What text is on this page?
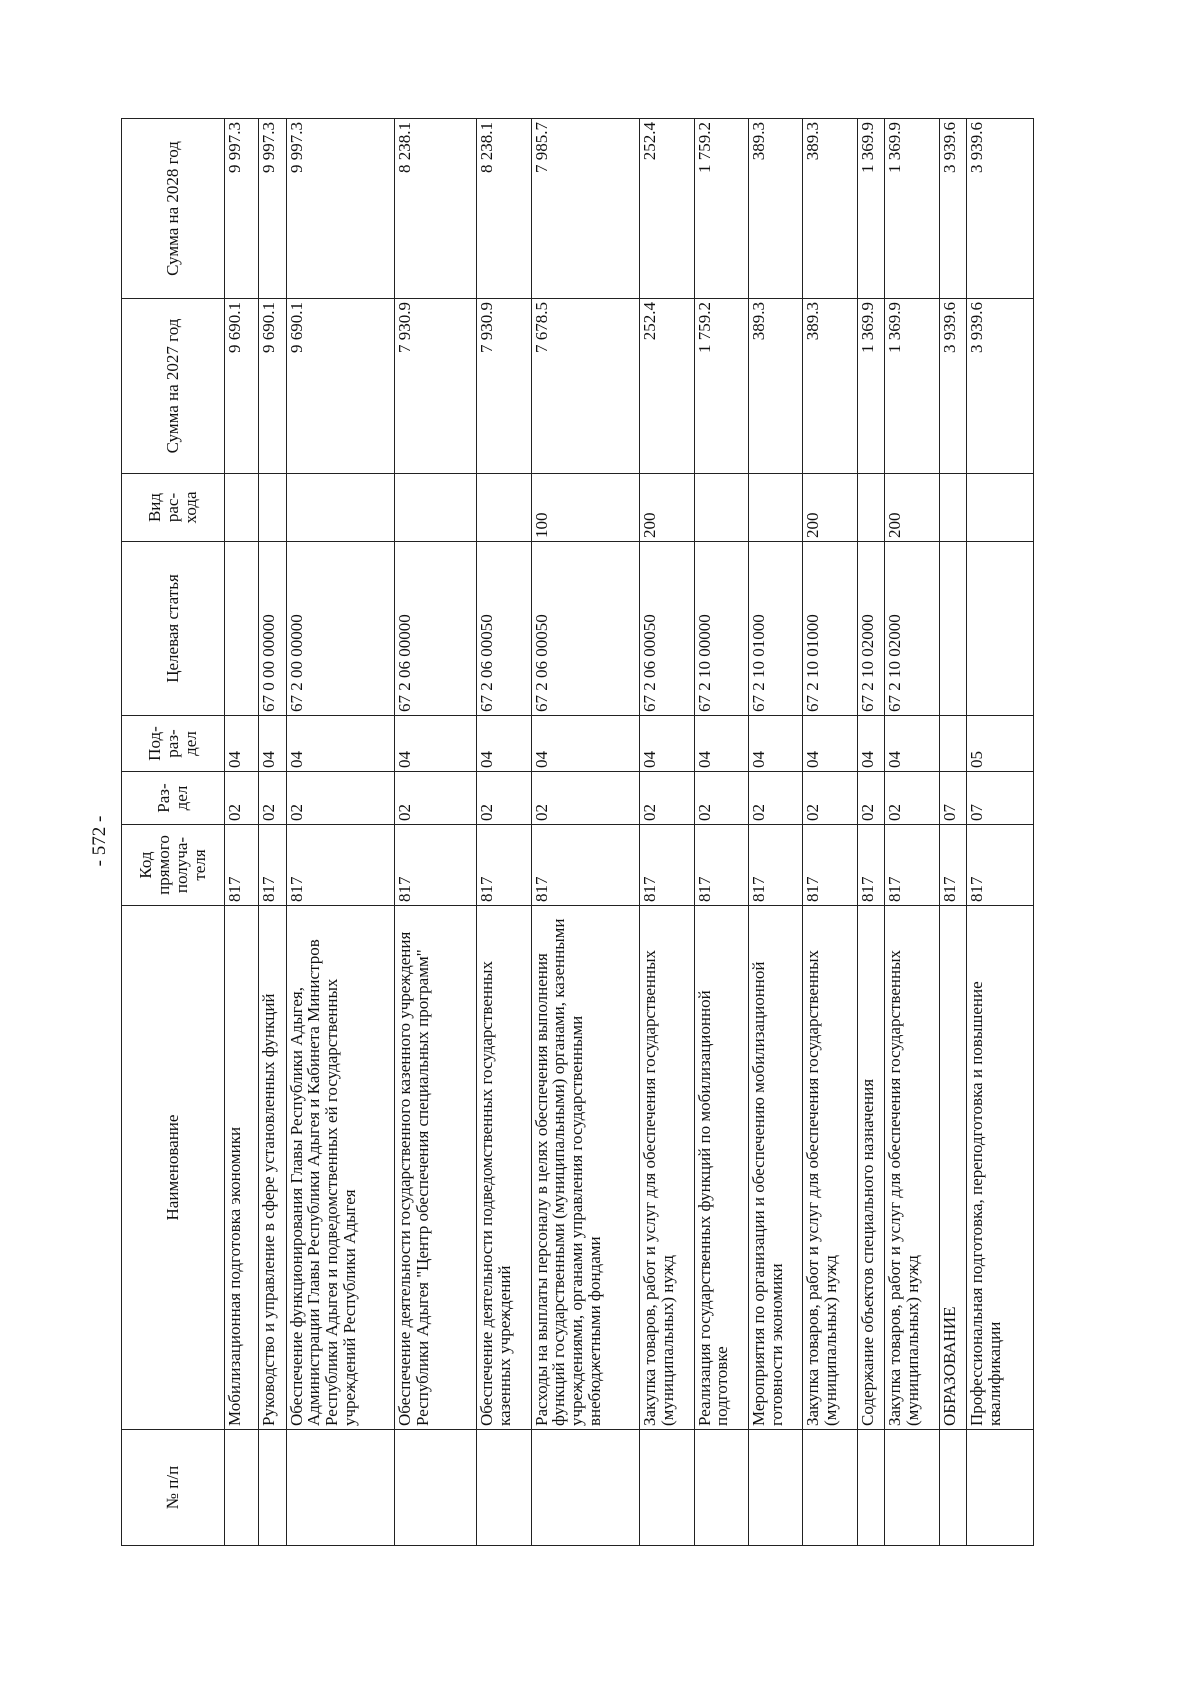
- 572 -
№ п/п	Наименование	Код прямого получа-теля	Раз-дел	Под-раз-дел	Целевая статья	Вид рас-хода	Сумма на 2027 год	Сумма на 2028 год
	Мобилизационная подготовка экономики	817	02	04			9 690.1	9 997.3
	Руководство и управление в сфере установленных функций	817	02	04	67 0 00 00000		9 690.1	9 997.3
	Обеспечение функционирования Главы Республики Адыгея, Администрации Главы Республики Адыгея и Кабинета Министров Республики Адыгея и подведомственных ей государственных учреждений Республики Адыгея	817	02	04	67 2 00 00000		9 690.1	9 997.3
	Обеспечение деятельности государственного казенного учреждения Республики Адыгея "Центр обеспечения специальных программ"	817	02	04	67 2 06 00000		7 930.9	8 238.1
	Обеспечение деятельности подведомственных государственных казенных учреждений	817	02	04	67 2 06 00050		7 930.9	8 238.1
	Расходы на выплаты персоналу в целях обеспечения выполнения функций государственными (муниципальными) органами, казенными учреждениями, органами управления государственными внебюджетными фондами	817	02	04	67 2 06 00050	100	7 678.5	7 985.7
	Закупка товаров, работ и услуг для обеспечения государственных (муниципальных) нужд	817	02	04	67 2 06 00050	200	252.4	252.4
	Реализация государственных функций по мобилизационной подготовке	817	02	04	67 2 10 00000		1 759.2	1 759.2
	Мероприятия по организации и обеспечению мобилизационной готовности экономики	817	02	04	67 2 10 01000		389.3	389.3
	Закупка товаров, работ и услуг для обеспечения государственных (муниципальных) нужд	817	02	04	67 2 10 01000	200	389.3	389.3
	Содержание объектов специального назначения	817	02	04	67 2 10 02000		1 369.9	1 369.9
	Закупка товаров, работ и услуг для обеспечения государственных (муниципальных) нужд	817	02	04	67 2 10 02000	200	1 369.9	1 369.9
	ОБРАЗОВАНИЕ	817	07				3 939.6	3 939.6
	Профессиональная подготовка, переподготовка и повышение квалификации	817	07	05			3 939.6	3 939.6
